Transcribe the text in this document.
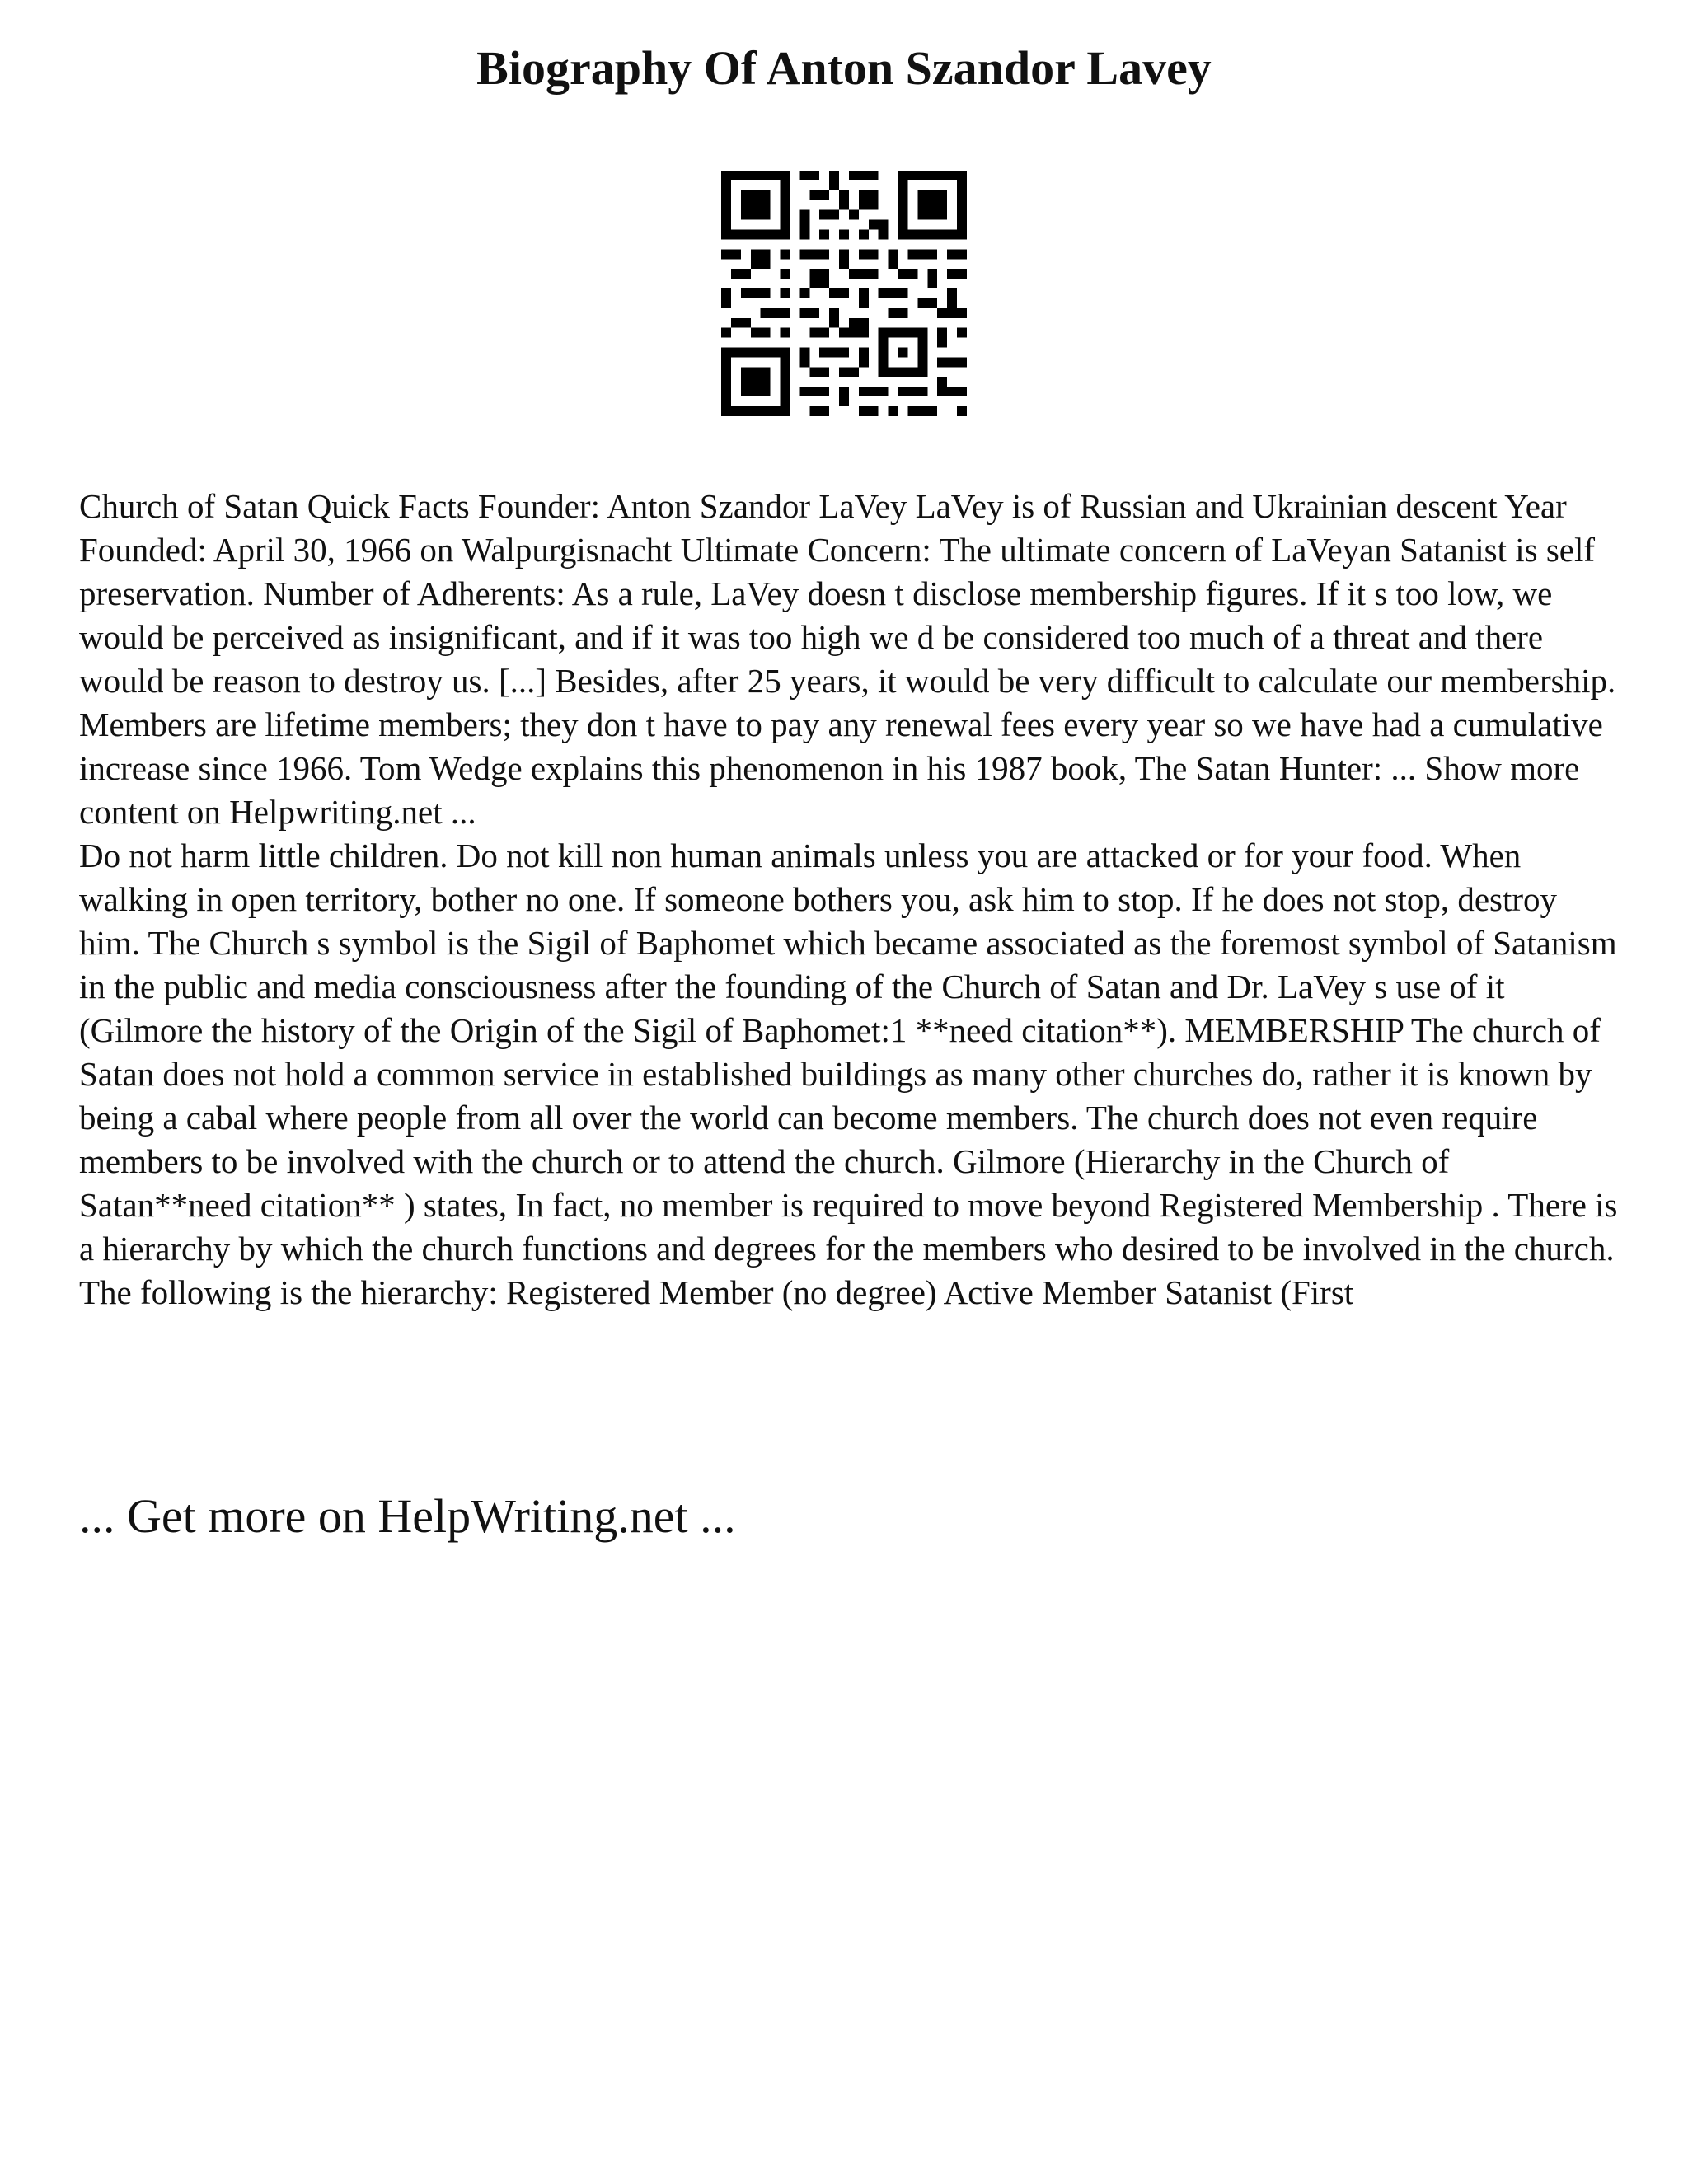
Biography Of Anton Szandor Lavey

Church of Satan Quick Facts Founder: Anton Szandor LaVey LaVey is of Russian and Ukrainian descent Year Founded: April 30, 1966 on Walpurgisnacht Ultimate Concern: The ultimate concern of LaVeyan Satanist is self preservation. Number of Adherents: As a rule, LaVey doesn t disclose membership figures. If it s too low, we would be perceived as insignificant, and if it was too high we d be considered too much of a threat and there would be reason to destroy us. [...] Besides, after 25 years, it would be very difficult to calculate our membership. Members are lifetime members; they don t have to pay any renewal fees every year so we have had a cumulative increase since 1966. Tom Wedge explains this phenomenon in his 1987 book, The Satan Hunter: ... Show more content on Helpwriting.net ...

Do not harm little children. Do not kill non human animals unless you are attacked or for your food. When walking in open territory, bother no one. If someone bothers you, ask him to stop. If he does not stop, destroy him. The Church s symbol is the Sigil of Baphomet which became associated as the foremost symbol of Satanism in the public and media consciousness after the founding of the Church of Satan and Dr. LaVey s use of it (Gilmore the history of the Origin of the Sigil of Baphomet:1 **need citation**). MEMBERSHIP The church of Satan does not hold a common service in established buildings as many other churches do, rather it is known by being a cabal where people from all over the world can become members. The church does not even require members to be involved with the church or to attend the church. Gilmore (Hierarchy in the Church of Satan**need citation** ) states, In fact, no member is required to move beyond Registered Membership . There is a hierarchy by which the church functions and degrees for the members who desired to be involved in the church. The following is the hierarchy: Registered Member (no degree) Active Member Satanist (First

... Get more on HelpWriting.net ...
